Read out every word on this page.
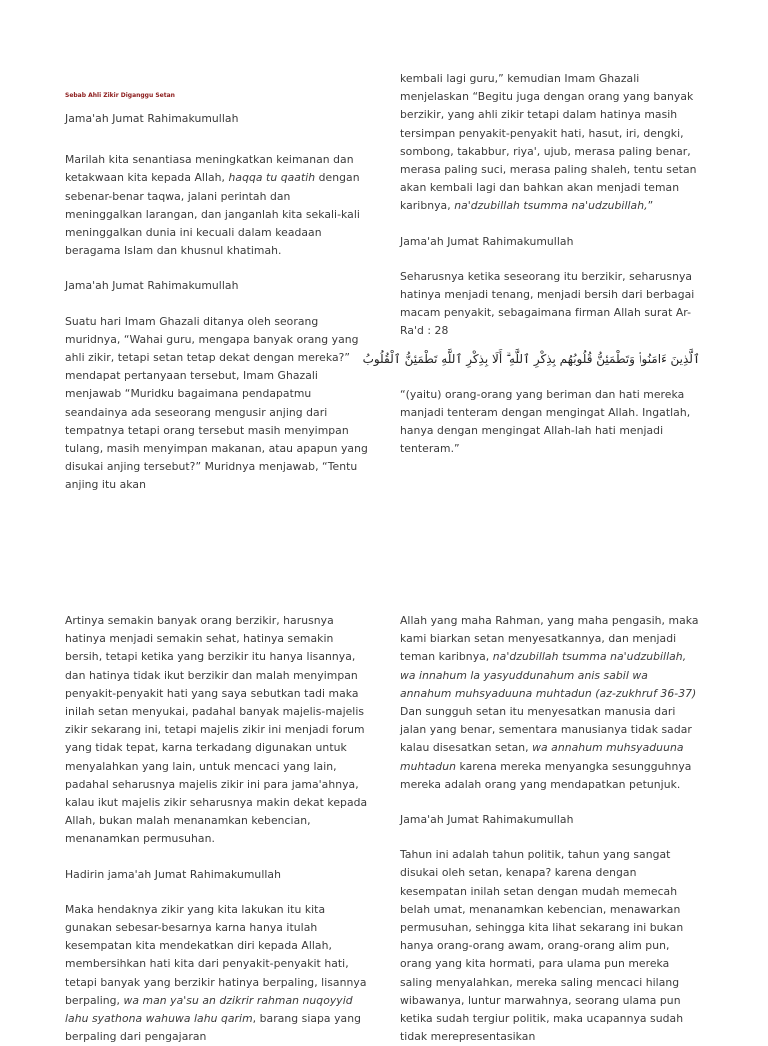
Sebab Ahli Zikir Diganggu Setan

Jama'ah Jumat Rahimakumullah

Marilah kita senantiasa meningkatkan keimanan dan ketakwaan kita kepada Allah, haqqa tu qaatih dengan sebenar-benar taqwa, jalani perintah dan meninggalkan larangan, dan janganlah kita sekali-kali meninggalkan dunia ini kecuali dalam keadaan beragama Islam dan khusnul khatimah.

Jama'ah Jumat Rahimakumullah

Suatu hari Imam Ghazali ditanya oleh seorang muridnya, “Wahai guru, mengapa banyak orang yang ahli zikir, tetapi setan tetap dekat dengan mereka?” mendapat pertanyaan tersebut, Imam Ghazali menjawab “Muridku bagaimana pendapatmu seandainya ada seseorang mengusir anjing dari tempatnya tetapi orang tersebut masih menyimpan tulang, masih menyimpan makanan, atau apapun yang disukai anjing tersebut?” Muridnya menjawab, “Tentu anjing itu akan

kembali lagi guru,” kemudian Imam Ghazali menjelaskan “Begitu juga dengan orang yang banyak berzikir, yang ahli zikir tetapi dalam hatinya masih tersimpan penyakit-penyakit hati, hasut, iri, dengki, sombong, takabbur, riya', ujub, merasa paling benar, merasa paling suci, merasa paling shaleh, tentu setan akan kembali lagi dan bahkan akan menjadi teman karibnya, na'dzubillah tsumma na'udzubillah,”

Jama'ah Jumat Rahimakumullah

Seharusnya ketika seseorang itu berzikir, seharusnya hatinya menjadi tenang, menjadi bersih dari berbagai macam penyakit, sebagaimana firman Allah surat Ar-Ra'd : 28

ٱلَّذِينَ ءَامَنُوا۟ وَتَطْمَئِنُّ قُلُوبُهُم بِذِكْرِ ٱللَّهِ ۗ أَلَا بِذِكْرِ ٱللَّهِ تَطْمَئِنُّ ٱلْقُلُوبُ

“(yaitu) orang-orang yang beriman dan hati mereka manjadi tenteram dengan mengingat Allah. Ingatlah, hanya dengan mengingat Allah-lah hati menjadi tenteram.”

Artinya semakin banyak orang berzikir, harusnya hatinya menjadi semakin sehat, hatinya semakin bersih, tetapi ketika yang berzikir itu hanya lisannya, dan hatinya tidak ikut berzikir dan malah menyimpan penyakit-penyakit hati yang saya sebutkan tadi maka inilah setan menyukai, padahal banyak majelis-majelis zikir sekarang ini, tetapi majelis zikir ini menjadi forum yang tidak tepat, karna terkadang digunakan untuk menyalahkan yang lain, untuk mencaci yang lain, padahal seharusnya majelis zikir ini para jama'ahnya, kalau ikut majelis zikir seharusnya makin dekat kepada Allah, bukan malah menanamkan kebencian, menanamkan permusuhan.

Hadirin jama'ah Jumat Rahimakumullah

Maka hendaknya zikir yang kita lakukan itu kita gunakan sebesar-besarnya karna hanya itulah kesempatan kita mendekatkan diri kepada Allah, membersihkan hati kita dari penyakit-penyakit hati, tetapi banyak yang berzikir hatinya berpaling, lisannya berpaling, wa man ya'su an dzikrir rahman nuqoyyid lahu syathona wahuwa lahu qarim, barang siapa yang berpaling dari pengajaran

Allah yang maha Rahman, yang maha pengasih, maka kami biarkan setan menyesatkannya, dan menjadi teman karibnya, na'dzubillah tsumma na'udzubillah, wa innahum la yasyuddunahum anis sabil wa annahum muhsyaduuna muhtadun (az-zukhruf 36-37) Dan sungguh setan itu menyesatkan manusia dari jalan yang benar, sementara manusianya tidak sadar kalau disesatkan setan, wa annahum muhsyaduuna muhtadun karena mereka menyangka sesungguhnya mereka adalah orang yang mendapatkan petunjuk.

Jama'ah Jumat Rahimakumullah

Tahun ini adalah tahun politik, tahun yang sangat disukai oleh setan, kenapa? karena dengan kesempatan inilah setan dengan mudah memecah belah umat, menanamkan kebencian, menawarkan permusuhan, sehingga kita lihat sekarang ini bukan hanya orang-orang awam, orang-orang alim pun, orang yang kita hormati, para ulama pun mereka saling menyalahkan, mereka saling mencaci hilang wibawanya, luntur marwahnya, seorang ulama pun ketika sudah tergiur politik, maka ucapannya sudah tidak merepresentasikan
